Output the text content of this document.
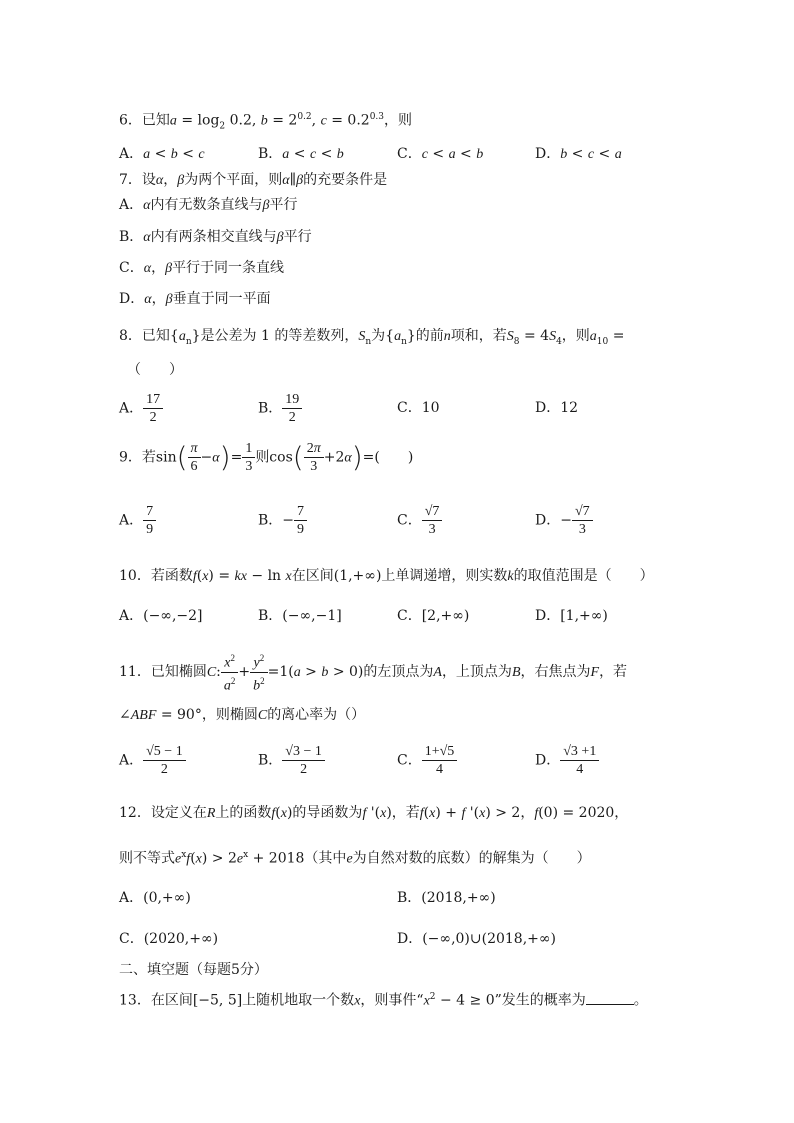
6．已知$a = \log_2 0.2$, $b = 2^{0.2}$, $c = 0.2^{0.3}$，则
A．a < b < c	B．a < c < b	C．c < a < b	D．b < c < a
7．设α，β为两个平面，则α∥β的充要条件是
A．α内有无数条直线与β平行
B．α内有两条相交直线与β平行
C．α，β平行于同一条直线
D．α，β垂直于同一平面
8．已知$\{a_n\}$是公差为 1 的等差数列，$S_n$为$\{a_n\}$的前n项和，若$S_8 = 4S_4$，则$a_{10}$ =
（　　）
A． $\frac{17}{2}$	B． $\frac{19}{2}$	C．10	D．12
9．若$\sin( \frac{\pi}{6} -\alpha)= \frac{1}{3}$ 则$\cos( \frac{2\pi}{3} +2\alpha)=$(　　)
A． $\frac{7}{9}$	B．− $\frac{7}{9}$	C． $\frac{√7}{3}$	D．− $\frac{√7}{3}$
10．若函数f(x) = kx − ln x在区间(1,+∞)上单调递增，则实数k的取值范围是（　　）
A．(−∞,−2]	B．(−∞,−1]	C．[2,+∞)	D．[1,+∞)
11．已知椭圆C: $\frac{x^2}{a^2} + \frac{y^2}{b^2} =1(a > b > 0)$的左顶点为A，上顶点为B，右焦点为F，若
∠ABF = 90°，则椭圆C的离心率为（）
A． $\frac{√5 - 1}{2}$	B． $\frac{√3 - 1}{2}$	C． $\frac{1+√5}{4}$	D． $\frac{√3 +1}{4}$
12．设定义在R上的函数f(x)的导函数为f '(x)，若f(x) + f '(x) > 2，f(0) = 2020，
则不等式$e^xf(x) > 2e^x + 2018$（其中e为自然对数的底数）的解集为（　　）
A．(0,+∞)	B．(2018,+∞)
C．(2020,+∞)	D．(−∞,0)∪(2018,+∞)
二、填空题（每题5分）
13．在区间[−5, 5]上随机地取一个数x，则事件“$x^2 - 4 \ge 0$”发生的概率为	。
